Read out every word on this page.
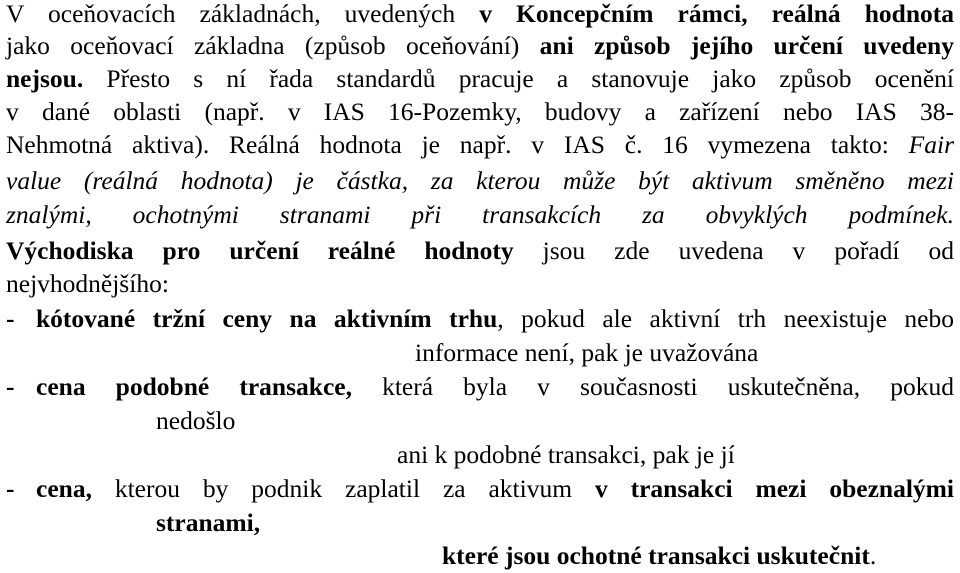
V oceňovacích základnách, uvedených v Koncepčním rámci, reálná hodnota
jako oceňovací základna (způsob oceňování) ani způsob jejího určení uvedeny
nejsou. Přesto s ní řada standardů pracuje a stanovuje jako způsob ocenění
v dané oblasti (např. v IAS 16-Pozemky, budovy a zařízení nebo IAS 38-
Nehmotná aktiva). Reálná hodnota je např. v IAS č. 16 vymezena takto: Fair
value (reálná hodnota) je částka, za kterou může být aktivum směněno mezi
znalými, ochotnými stranami při transakcích za obvyklých podmínek.
Východiska pro určení reálné hodnoty jsou zde uvedena v pořadí od
nejvhodnějšího:
- kótované tržní ceny na aktivním trhu, pokud ale aktivní trh neexistuje nebo
informace není, pak je uvažována
- cena podobné transakce, která byla v současnosti uskutečněna, pokud
nedošlo
ani k podobné transakci, pak je jí
- cena, kterou by podnik zaplatil za aktivum v transakci mezi obeznalými
stranami,
které jsou ochotné transakci uskutečnit.
